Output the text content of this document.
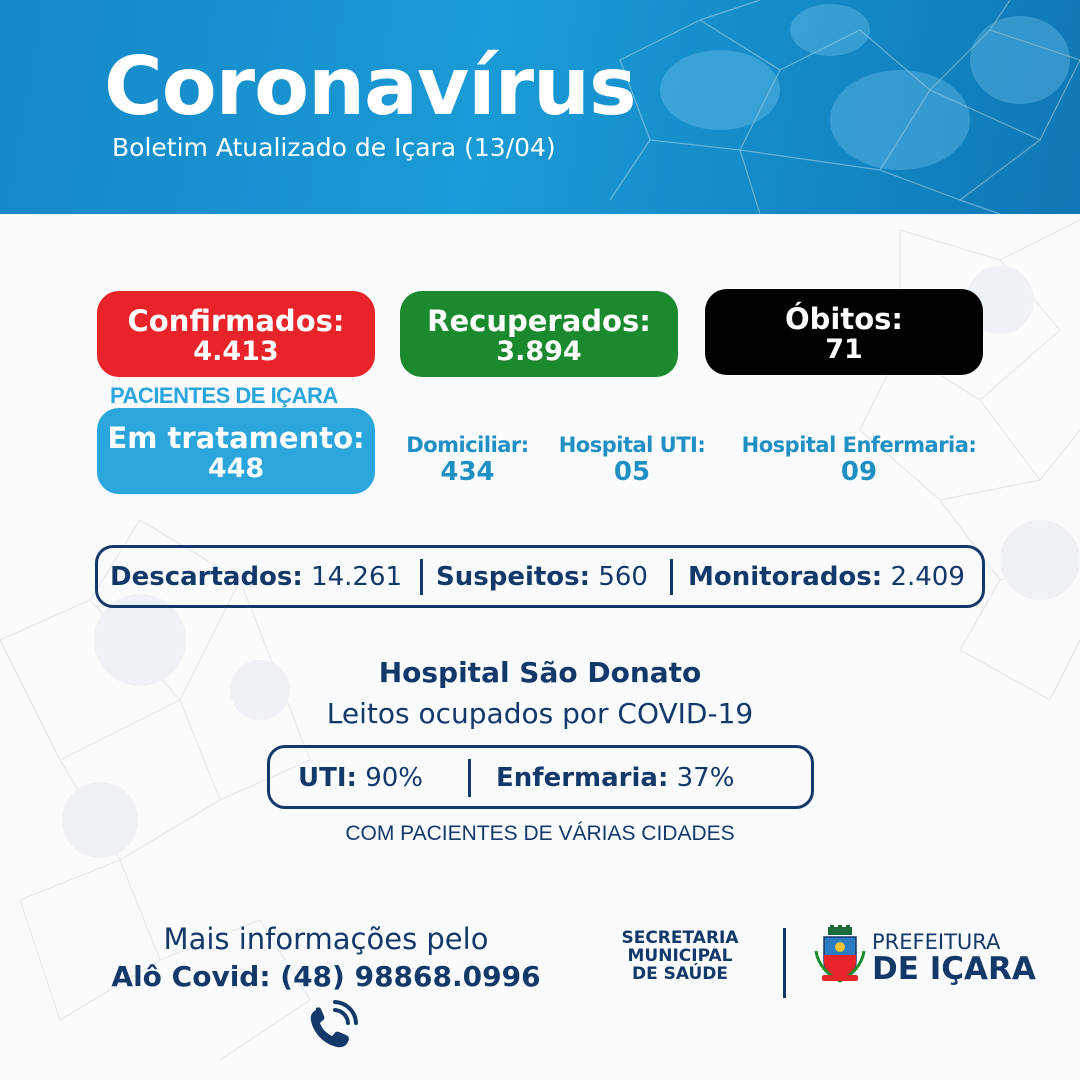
Coronavírus
Boletim Atualizado de Içara (13/04)
Confirmados:
4.413
Recuperados:
3.894
Óbitos:
71
PACIENTES DE IÇARA
Em tratamento:
448
Domiciliar:
434
Hospital UTI:
05
Hospital Enfermaria:
09
Descartados: 14.261 Suspeitos: 560 Monitorados: 2.409
Hospital São Donato
Leitos ocupados por COVID-19
UTI: 90%	Enfermaria: 37%
COM PACIENTES DE VÁRIAS CIDADES
Mais informações pelo
Alô Covid: (48) 98868.0996
SECRETARIA
MUNICIPAL
DE SAÚDE
PREFEITURA
DE IÇARA
